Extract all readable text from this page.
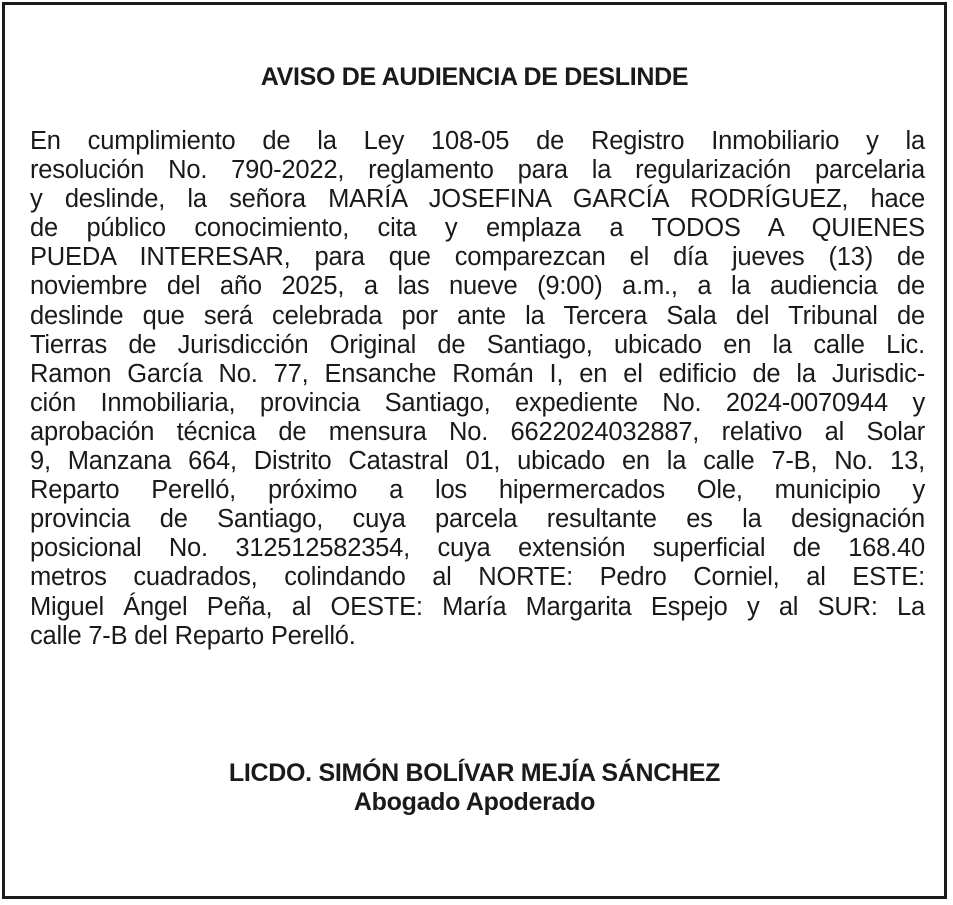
AVISO DE AUDIENCIA DE DESLINDE
En cumplimiento de la Ley 108-05 de Registro Inmobiliario y la
resolución No. 790-2022, reglamento para la regularización parcelaria
y deslinde, la señora MARÍA JOSEFINA GARCÍA RODRÍGUEZ, hace
de público conocimiento, cita y emplaza a TODOS A QUIENES
PUEDA INTERESAR, para que comparezcan el día jueves (13) de
noviembre del año 2025, a las nueve (9:00) a.m., a la audiencia de
deslinde que será celebrada por ante la Tercera Sala del Tribunal de
Tierras de Jurisdicción Original de Santiago, ubicado en la calle Lic.
Ramon García No. 77, Ensanche Román I, en el edificio de la Jurisdic-
ción Inmobiliaria, provincia Santiago, expediente No. 2024-0070944 y
aprobación técnica de mensura No. 6622024032887, relativo al Solar
9, Manzana 664, Distrito Catastral 01, ubicado en la calle 7-B, No. 13,
Reparto Perelló, próximo a los hipermercados Ole, municipio y
provincia de Santiago, cuya parcela resultante es la designación
posicional No. 312512582354, cuya extensión superficial de 168.40
metros cuadrados, colindando al NORTE: Pedro Corniel, al ESTE:
Miguel Ángel Peña, al OESTE: María Margarita Espejo y al SUR: La
calle 7-B del Reparto Perelló.
LICDO. SIMÓN BOLÍVAR MEJÍA SÁNCHEZ
Abogado Apoderado
